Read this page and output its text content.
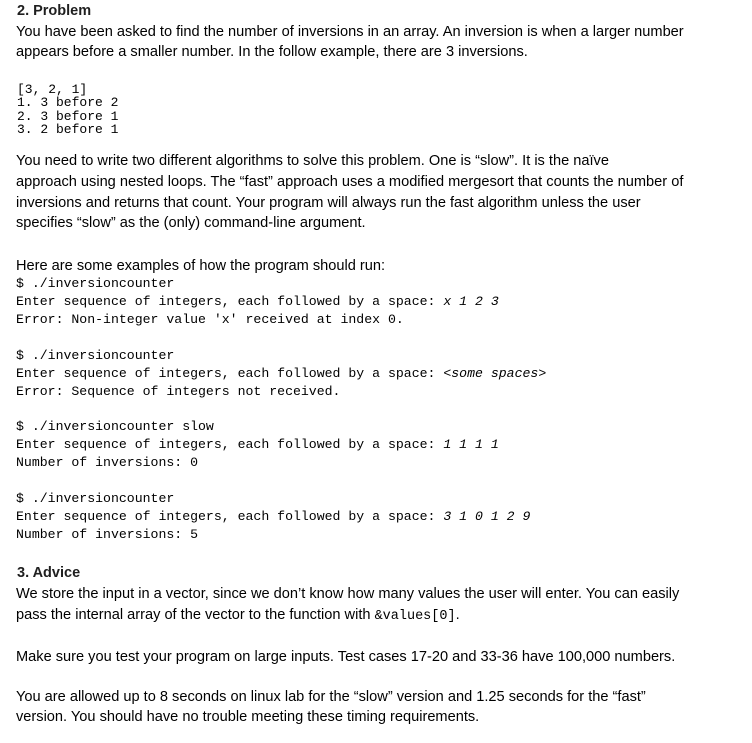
2. Problem
You have been asked to find the number of inversions in an array. An inversion is when a larger number
appears before a smaller number. In the follow example, there are 3 inversions.
[3, 2, 1]
1. 3 before 2
2. 3 before 1
3. 2 before 1
You need to write two different algorithms to solve this problem. One is “slow”. It is the naïve
approach using nested loops. The “fast” approach uses a modified mergesort that counts the number of
inversions and returns that count. Your program will always run the fast algorithm unless the user
specifies “slow” as the (only) command-line argument.
Here are some examples of how the program should run:
$ ./inversioncounter
Enter sequence of integers, each followed by a space: x 1 2 3
Error: Non-integer value 'x' received at index 0.
$ ./inversioncounter
Enter sequence of integers, each followed by a space: <some spaces>
Error: Sequence of integers not received.
$ ./inversioncounter slow
Enter sequence of integers, each followed by a space: 1 1 1 1
Number of inversions: 0
$ ./inversioncounter
Enter sequence of integers, each followed by a space: 3 1 0 1 2 9
Number of inversions: 5
3. Advice
We store the input in a vector, since we don’t know how many values the user will enter. You can easily
pass the internal array of the vector to the function with &values[0].
Make sure you test your program on large inputs. Test cases 17-20 and 33-36 have 100,000 numbers.
You are allowed up to 8 seconds on linux lab for the “slow” version and 1.25 seconds for the “fast”
version. You should have no trouble meeting these timing requirements.
